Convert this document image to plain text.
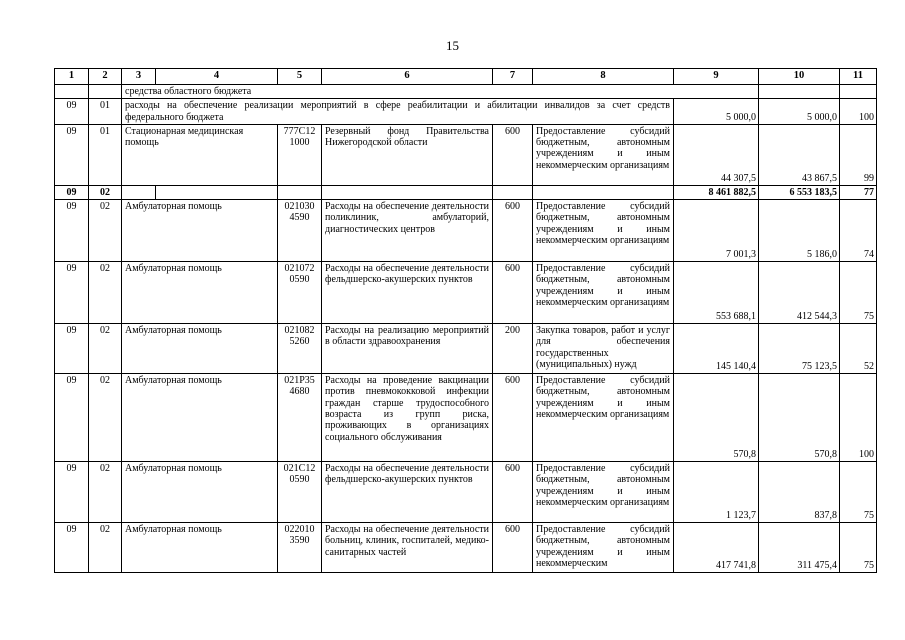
15
1	2	3	4	5	6	7	8	9	10	11
		средства областного бюджета								
09	01	расходы на обеспечение реализации мероприятий в сфере реабилитации и абилитации инвалидов за счет средств федерального бюджета						5 000,0	5 000,0	100
09	01	Стационарная медицинская помощь		777С12 1000	Резервный фонд Правительства Нижегородской области	600	Предоставление субсидий бюджетным, автономным учреждениям и иным некоммерческим организациям	44 307,5	43 867,5	99
09	02							8 461 882,5	6 553 183,5	77
09	02	Амбулаторная помощь		021030 4590	Расходы на обеспечение деятельности поликлиник, амбулаторий, диагностических центров	600	Предоставление субсидий бюджетным, автономным учреждениям и иным некоммерческим организациям	7 001,3	5 186,0	74
09	02	Амбулаторная помощь		021072 0590	Расходы на обеспечение деятельности фельдшерско-акушерских пунктов	600	Предоставление субсидий бюджетным, автономным учреждениям и иным некоммерческим организациям	553 688,1	412 544,3	75
09	02	Амбулаторная помощь		021082 5260	Расходы на реализацию мероприятий в области здравоохранения	200	Закупка товаров, работ и услуг для обеспечения государственных (муниципальных) нужд	145 140,4	75 123,5	52
09	02	Амбулаторная помощь		021Р35 4680	Расходы на проведение вакцинации против пневмококковой инфекции граждан старше трудоспособного возраста из групп риска, проживающих в организациях социального обслуживания	600	Предоставление субсидий бюджетным, автономным учреждениям и иным некоммерческим организациям	570,8	570,8	100
09	02	Амбулаторная помощь		021С12 0590	Расходы на обеспечение деятельности фельдшерско-акушерских пунктов	600	Предоставление субсидий бюджетным, автономным учреждениям и иным некоммерческим организациям	1 123,7	837,8	75
09	02	Амбулаторная помощь		022010 3590	Расходы на обеспечение деятельности больниц, клиник, госпиталей, медико-санитарных частей	600	Предоставление субсидий бюджетным, автономным учреждениям и иным некоммерческим	417 741,8	311 475,4	75
